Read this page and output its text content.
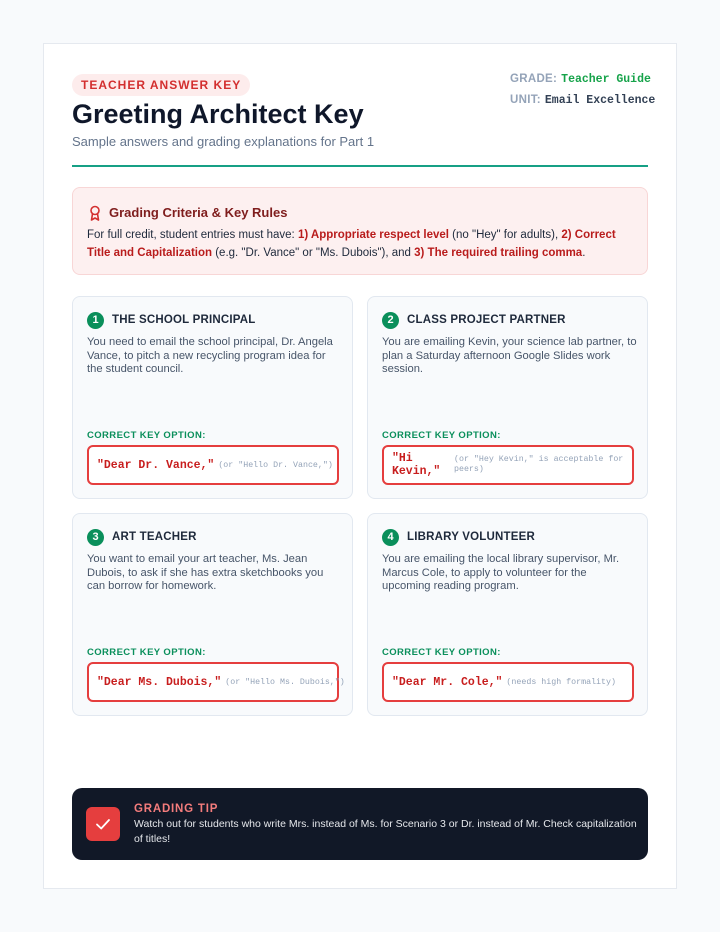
TEACHER ANSWER KEY
Greeting Architect Key
Sample answers and grading explanations for Part 1
GRADE: Teacher Guide
UNIT: Email Excellence
Grading Criteria & Key Rules
For full credit, student entries must have: 1) Appropriate respect level (no "Hey" for adults), 2) Correct Title and Capitalization (e.g. "Dr. Vance" or "Ms. Dubois"), and 3) The required trailing comma.
1	THE SCHOOL PRINCIPAL
You need to email the school principal, Dr. Angela Vance, to pitch a new recycling program idea for the student council.
CORRECT KEY OPTION:
"Dear Dr. Vance," (or "Hello Dr. Vance,")
2	CLASS PROJECT PARTNER
You are emailing Kevin, your science lab partner, to plan a Saturday afternoon Google Slides work session.
CORRECT KEY OPTION:
"Hi Kevin,"
(or "Hey Kevin," is acceptable for peers)
3	ART TEACHER
You want to email your art teacher, Ms. Jean Dubois, to ask if she has extra sketchbooks you can borrow for homework.
CORRECT KEY OPTION:
"Dear Ms. Dubois," (or "Hello Ms. Dubois,")
4	LIBRARY VOLUNTEER
You are emailing the local library supervisor, Mr. Marcus Cole, to apply to volunteer for the upcoming reading program.
CORRECT KEY OPTION:
"Dear Mr. Cole," (needs high formality)
GRADING TIP
Watch out for students who write Mrs. instead of Ms. for Scenario 3 or Dr. instead of Mr. Check capitalization of titles!
